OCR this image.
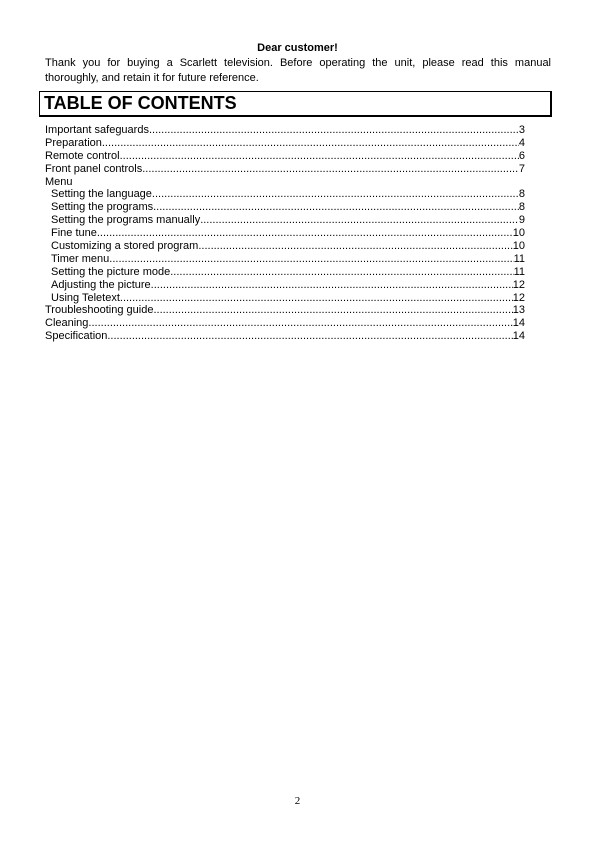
Dear customer!
Thank you for buying a Scarlett television. Before operating the unit, please read this manual
thoroughly, and retain it for future reference.
TABLE OF CONTENTS
Important safeguards .....	3
Preparation .....	4
Remote control .....	6
Front panel controls .....	7
Menu
Setting the language .....	8
Setting the programs .....	8
Setting the programs manually .....	9
Fine tune .....	10
Customizing a stored program .....	10
Timer menu .....	11
Setting the picture mode .....	11
Adjusting the picture .....	12
Using Teletext .....	12
Troubleshooting guide .....	13
Cleaning .....	14
Specification .....	14
2
